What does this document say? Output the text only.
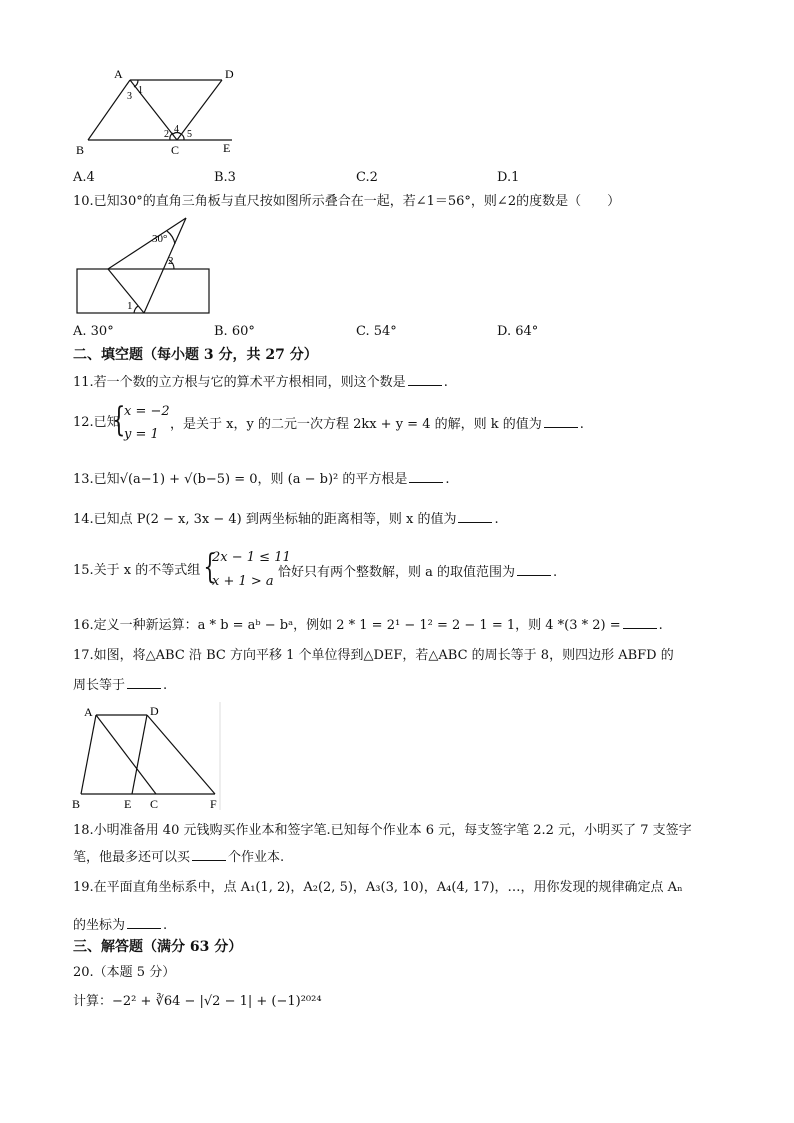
A	D
B	C	E
3
1
2 4 5
A.4	B.3	C.2	D.1
10.已知30°的直角三角板与直尺按如图所示叠合在一起，若∠1＝56°，则∠2的度数是（　　）
30°
2
1
A. 30°	B. 60°	C. 54°	D. 64°
二、填空题（每小题 3 分，共 27 分）
11.若一个数的立方根与它的算术平方根相同，则这个数是	.
12.已知
{
x = −2
y = 1
，是关于 x，y 的二元一次方程 2kx + y = 4 的解，则 k 的值为	.
13.已知√(a−1) + √(b−5) = 0，则 (a − b)² 的平方根是	.
14.已知点 P(2 − x, 3x − 4) 到两坐标轴的距离相等，则 x 的值为	.
15.关于 x 的不等式组 {
2x − 1 ≤ 11
x + 1 > a
恰好只有两个整数解，则 a 的取值范围为	.
16.定义一种新运算：a * b = aᵇ − bᵃ，例如 2 * 1 = 2¹ − 1² = 2 − 1 = 1，则 4 *(3 * 2) =	.
17.如图，将△ABC 沿 BC 方向平移 1 个单位得到△DEF，若△ABC 的周长等于 8，则四边形 ABFD 的
周长等于	.
A	D
B	E C	F
18.小明准备用 40 元钱购买作业本和签字笔.已知每个作业本 6 元，每支签字笔 2.2 元，小明买了 7 支签字
笔，他最多还可以买	个作业本.
19.在平面直角坐标系中，点 A₁(1, 2)，A₂(2, 5)，A₃(3, 10)，A₄(4, 17)，…，用你发现的规律确定点 Aₙ
的坐标为	.
三、解答题（满分 63 分）
20.（本题 5 分）
计算：−2² + ∛64 − |√2 − 1| + (−1)²⁰²⁴
